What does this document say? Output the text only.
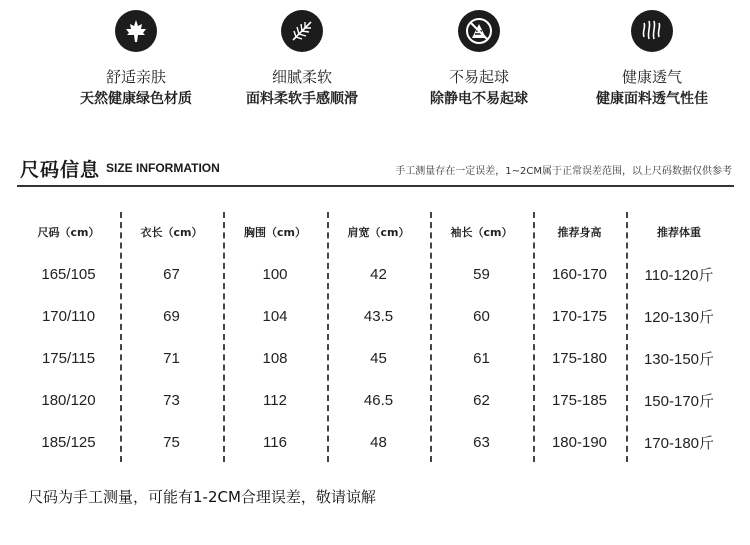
舒适亲肤
天然健康绿色材质
细腻柔软
面料柔软手感顺滑
不易起球
除静电不易起球
健康透气
健康面料透气性佳
尺码信息 SIZE INFORMATION	手工测量存在一定误差，1~2CM属于正常误差范围，以上尺码数据仅供参考
尺码（cm）	衣长（cm）	胸围（cm）	肩宽（cm）	袖长（cm）	推荐身高	推荐体重
165/105	67	100	42	59	160-170	110-120斤
170/110	69	104	43.5	60	170-175	120-130斤
175/115	71	108	45	61	175-180	130-150斤
180/120	73	112	46.5	62	175-185	150-170斤
185/125	75	116	48	63	180-190	170-180斤
尺码为手工测量，可能有1-2CM合理误差，敬请谅解
